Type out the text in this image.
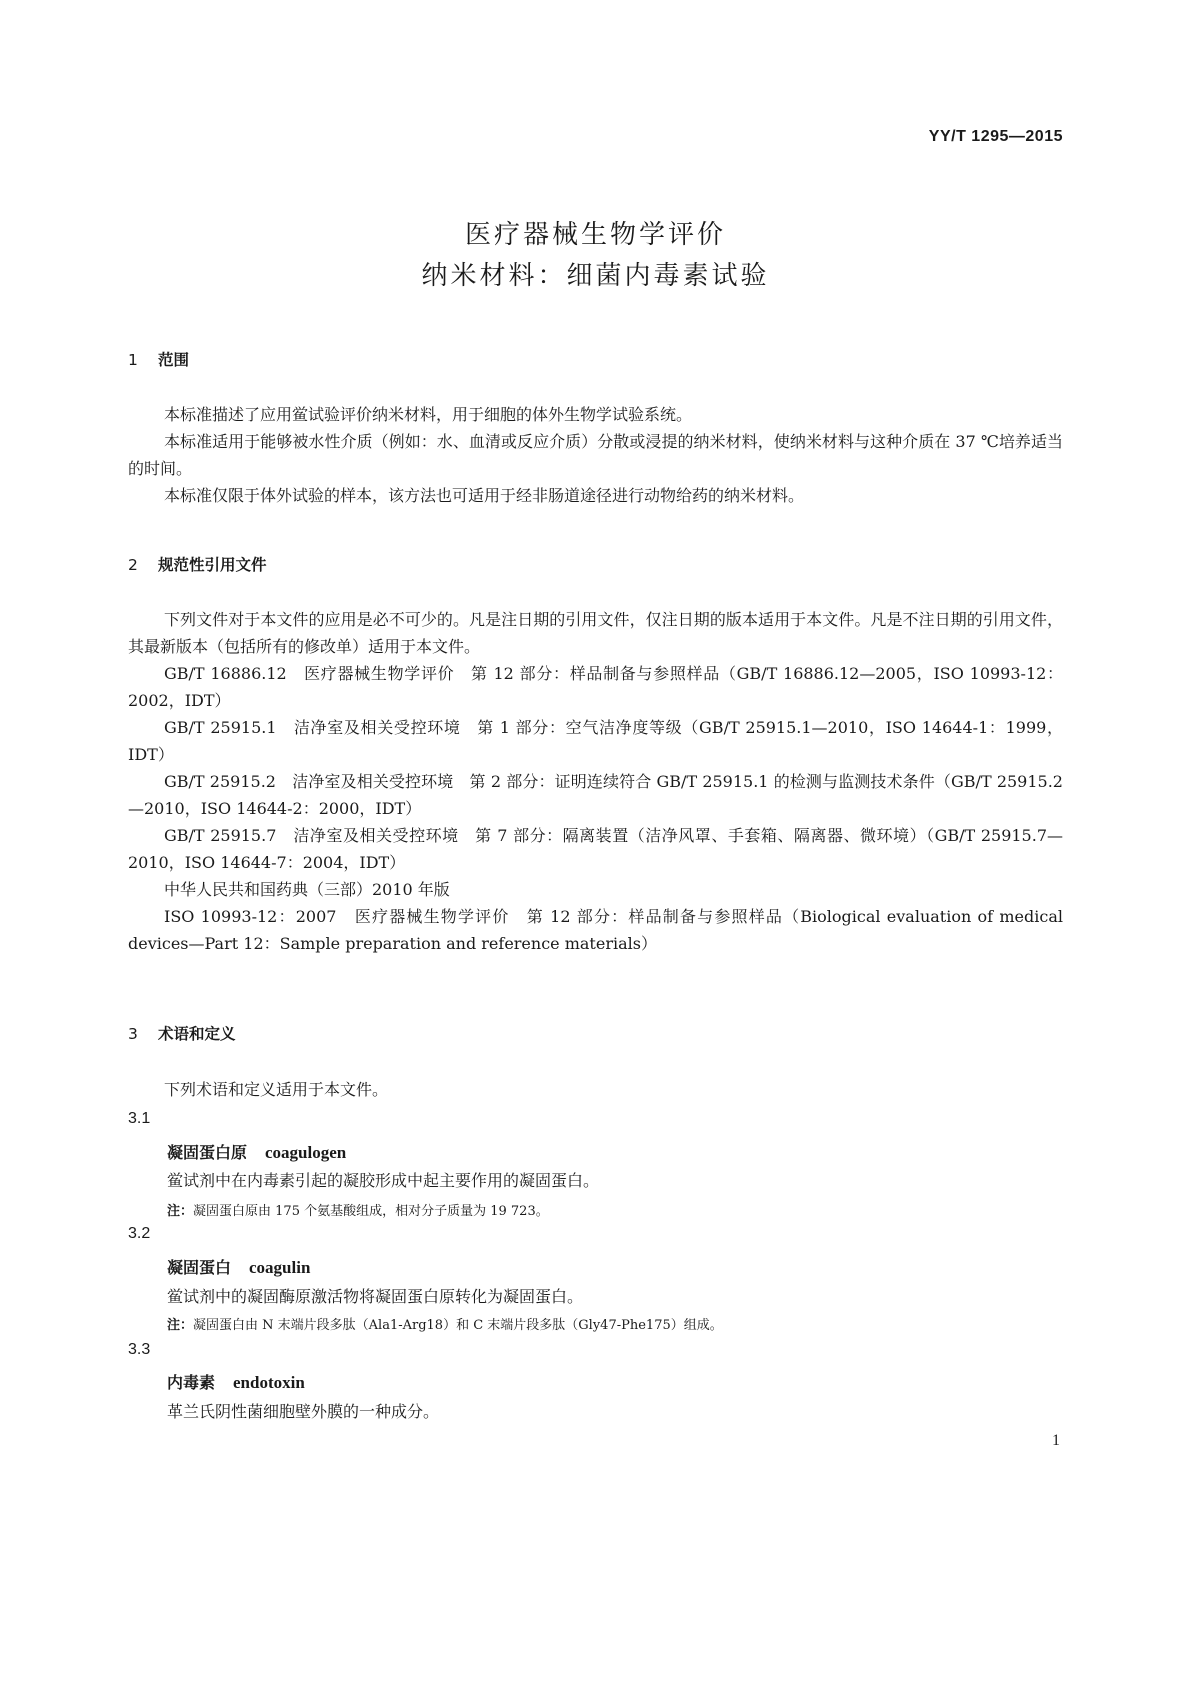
YY/T 1295—2015
医疗器械生物学评价
纳米材料：细菌内毒素试验
1 范围

本标准描述了应用鲎试验评价纳米材料，用于细胞的体外生物学试验系统。

本标准适用于能够被水性介质（例如：水、血清或反应介质）分散或浸提的纳米材料，使纳米材料与这种介质在 37 ℃培养适当的时间。

本标准仅限于体外试验的样本，该方法也可适用于经非肠道途径进行动物给药的纳米材料。

2 规范性引用文件

下列文件对于本文件的应用是必不可少的。凡是注日期的引用文件，仅注日期的版本适用于本文件。凡是不注日期的引用文件，其最新版本（包括所有的修改单）适用于本文件。

GB/T 16886.12　医疗器械生物学评价　第 12 部分：样品制备与参照样品（GB/T 16886.12—2005，ISO 10993-12：2002，IDT）

GB/T 25915.1　洁净室及相关受控环境　第 1 部分：空气洁净度等级（GB/T 25915.1—2010，ISO 14644-1：1999，IDT）

GB/T 25915.2　洁净室及相关受控环境　第 2 部分：证明连续符合 GB/T 25915.1 的检测与监测技术条件（GB/T 25915.2—2010，ISO 14644-2：2000，IDT）

GB/T 25915.7　洁净室及相关受控环境　第 7 部分：隔离装置（洁净风罩、手套箱、隔离器、微环境）（GB/T 25915.7—2010，ISO 14644-7：2004，IDT）

中华人民共和国药典（三部）2010 年版

ISO 10993-12：2007　医疗器械生物学评价　第 12 部分：样品制备与参照样品（Biological evaluation of medical devices—Part 12：Sample preparation and reference materials）

3 术语和定义

下列术语和定义适用于本文件。

3.1
凝固蛋白原 coagulogen
鲎试剂中在内毒素引起的凝胶形成中起主要作用的凝固蛋白。
注：凝固蛋白原由 175 个氨基酸组成，相对分子质量为 19 723。
3.2
凝固蛋白 coagulin
鲎试剂中的凝固酶原激活物将凝固蛋白原转化为凝固蛋白。
注：凝固蛋白由 N 末端片段多肽（Ala1-Arg18）和 C 末端片段多肽（Gly47-Phe175）组成。
3.3
内毒素 endotoxin
革兰氏阴性菌细胞壁外膜的一种成分。
1
